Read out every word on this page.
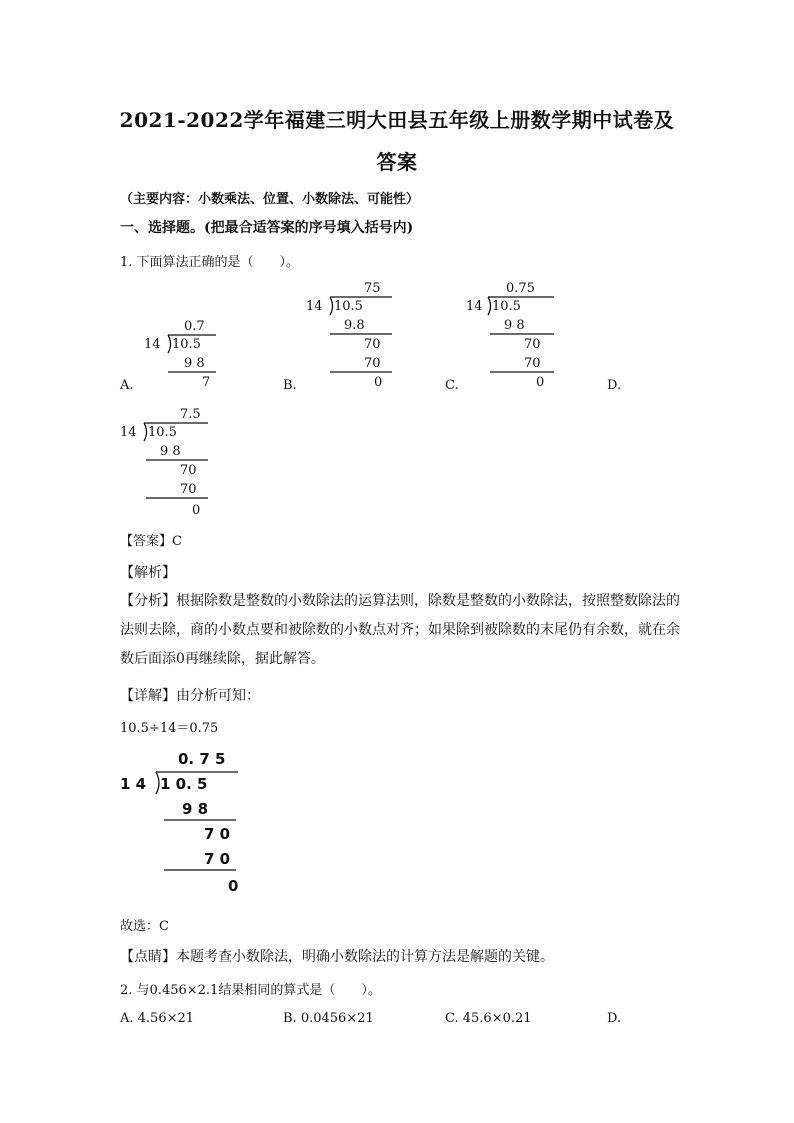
2021-2022学年福建三明大田县五年级上册数学期中试卷及
答案
（主要内容：小数乘法、位置、小数除法、可能性）
一、选择题。(把最合适答案的序号填入括号内)
1. 下面算法正确的是（　　）。
0.7
14 10.5
9 8
7
A.
75
14 10.5
9.8
70
70
0
B.
0.75
14 10.5
9 8
70
70
0
C.	D.
7.5
14 10.5
9 8
70
70
0
【答案】C
【解析】
【分析】根据除数是整数的小数除法的运算法则，除数是整数的小数除法，按照整数除法的法则去除，商的小数点要和被除数的小数点对齐；如果除到被除数的末尾仍有余数，就在余数后面添0再继续除，据此解答。
【详解】由分析可知：
10.5÷14＝0.75
0. 7 5
1 4 1 0. 5
9 8
7 0
7 0
0
故选：C
【点睛】本题考查小数除法，明确小数除法的计算方法是解题的关键。
2. 与0.456×2.1结果相同的算式是（　　）。
A. 4.56×21	B. 0.0456×21	C. 45.6×0.21	D.
